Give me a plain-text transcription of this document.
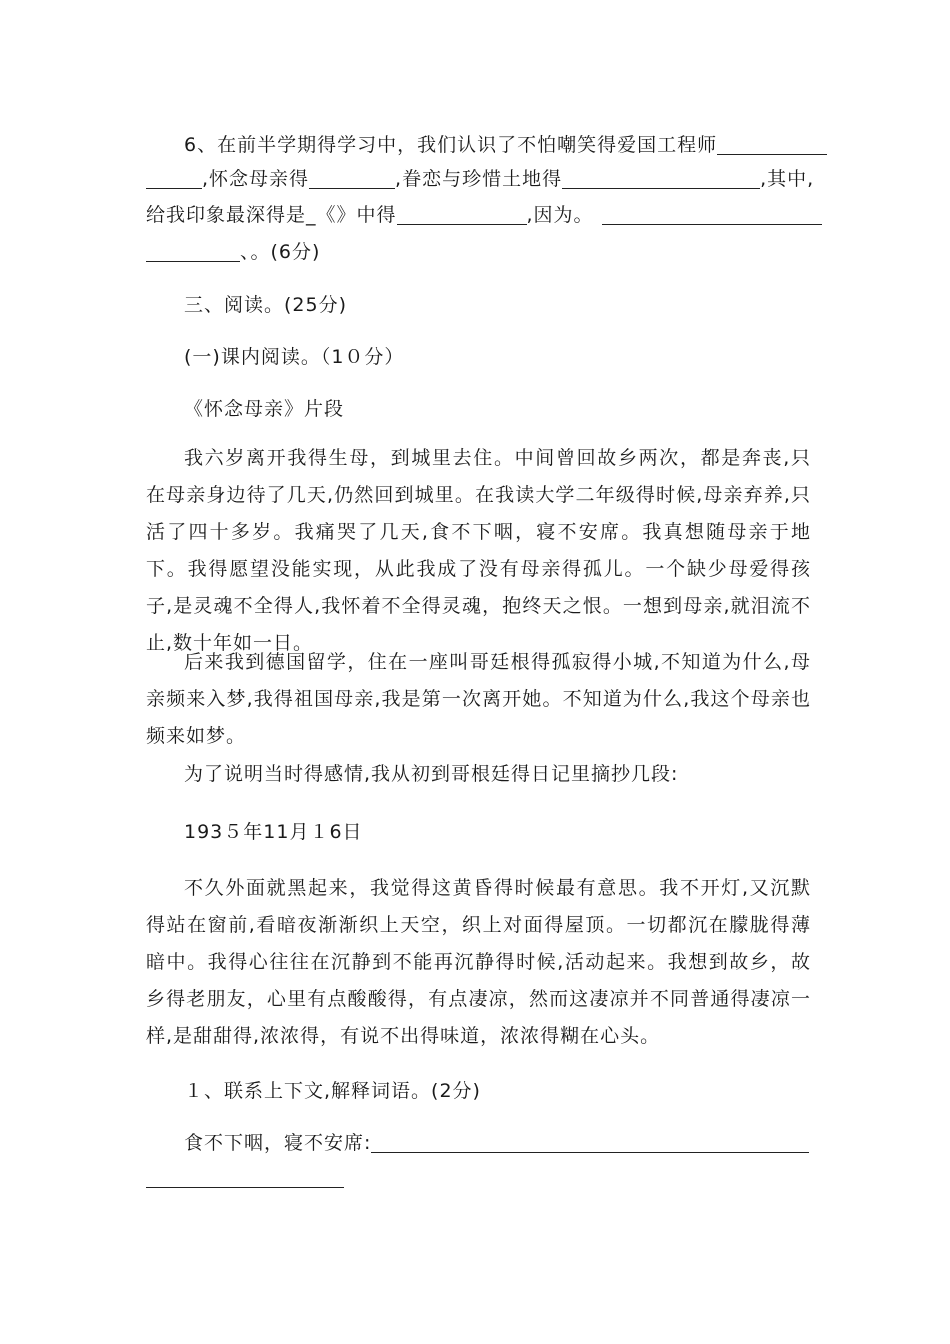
6、在前半学期得学习中，我们认识了不怕嘲笑得爱国工程师
,怀念母亲得	,眷恋与珍惜土地得	,其中,
给我印象最深得是_《》中得	,因为。
、。(6分)
三、阅读。(25分)
(一)课内阅读。（1０分）
《怀念母亲》片段

我六岁离开我得生母，到城里去住。中间曾回故乡两次，都是奔丧,只在母亲身边待了几天,仍然回到城里。在我读大学二年级得时候,母亲弃养,只活了四十多岁。我痛哭了几天,食不下咽，寝不安席。我真想随母亲于地下。我得愿望没能实现，从此我成了没有母亲得孤儿。一个缺少母爱得孩子,是灵魂不全得人,我怀着不全得灵魂，抱终天之恨。一想到母亲,就泪流不止,数十年如一日。

后来我到德国留学，住在一座叫哥廷根得孤寂得小城,不知道为什么,母亲频来入梦,我得祖国母亲,我是第一次离开她。不知道为什么,我这个母亲也频来如梦。

为了说明当时得感情,我从初到哥根廷得日记里摘抄几段:

193５年11月１6日

不久外面就黑起来，我觉得这黄昏得时候最有意思。我不开灯,又沉默得站在窗前,看暗夜渐渐织上天空，织上对面得屋顶。一切都沉在朦胧得薄暗中。我得心往往在沉静到不能再沉静得时候,活动起来。我想到故乡，故乡得老朋友，心里有点酸酸得，有点凄凉，然而这凄凉并不同普通得凄凉一样,是甜甜得,浓浓得，有说不出得味道，浓浓得糊在心头。

１、联系上下文,解释词语。(2分)
食不下咽，寝不安席:
